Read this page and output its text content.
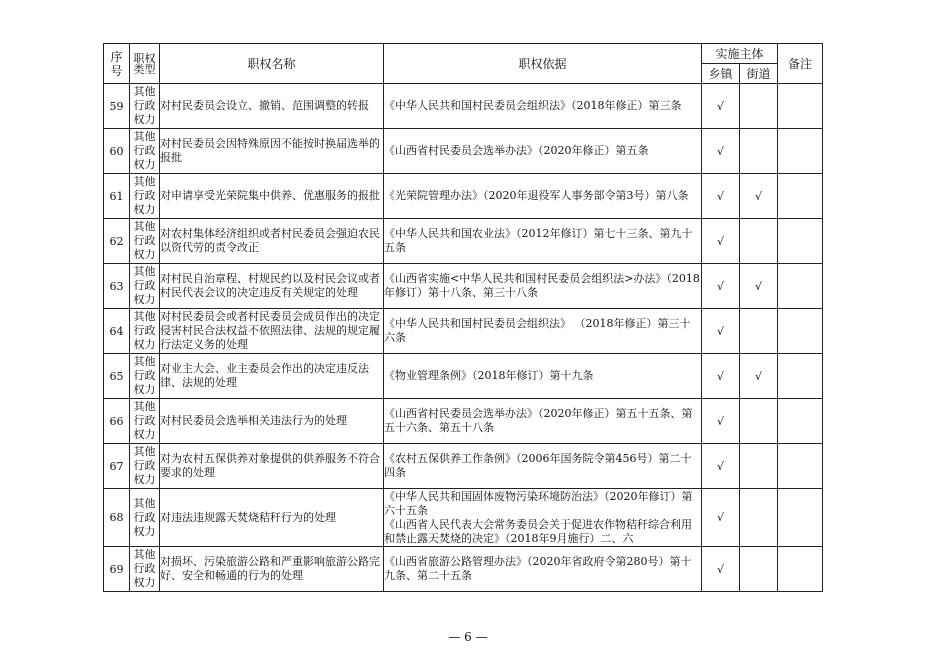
序号	职权类型	职权名称	职权依据	实施主体		备注
				乡镇	街道	

59	其他行政权力	对村民委员会设立、撤销、范围调整的转报	《中华人民共和国村民委员会组织法》（2018年修正）第三条	√		

60	其他行政权力	对村民委员会因特殊原因不能按时换届选举的报批	《山西省村民委员会选举办法》（2020年修正）第五条	√		

61	其他行政权力	对申请享受光荣院集中供养、优惠服务的报批	《光荣院管理办法》（2020年退役军人事务部令第3号）第八条	√	√	

62	其他行政权力	对农村集体经济组织或者村民委员会强迫农民以资代劳的责令改正	《中华人民共和国农业法》（2012年修订）第七十三条、第九十五条	√		

63	其他行政权力	对村民自治章程、村规民约以及村民会议或者村民代表会议的决定违反有关规定的处理	《山西省实施<中华人民共和国村民委员会组织法>办法》（2018年修订）第十八条、第三十八条	√	√	

64	其他行政权力	对村民委员会或者村民委员会成员作出的决定侵害村民合法权益不依照法律、法规的规定履行法定义务的处理	《中华人民共和国村民委员会组织法》 （2018年修正）第三十六条	√		

65	其他行政权力	对业主大会、业主委员会作出的决定违反法律、法规的处理	《物业管理条例》（2018年修订）第十九条	√	√	

66	其他行政权力	对村民委员会选举相关违法行为的处理	《山西省村民委员会选举办法》（2020年修正）第五十五条、第五十六条、第五十八条	√		

67	其他行政权力	对为农村五保供养对象提供的供养服务不符合要求的处理	《农村五保供养工作条例》（2006年国务院令第456号）第二十四条	√		

68	其他行政权力	对违法违规露天焚烧秸秆行为的处理	《中华人民共和国固体废物污染环境防治法》（2020年修订）第六十五条
《山西省人民代表大会常务委员会关于促进农作物秸秆综合利用和禁止露天焚烧的决定》（2018年9月施行）二、六	√		

69	其他行政权力	对损坏、污染旅游公路和严重影响旅游公路完好、安全和畅通的行为的处理	《山西省旅游公路管理办法》（2020年省政府令第280号）第十九条、第二十五条	√		

— 6 —
